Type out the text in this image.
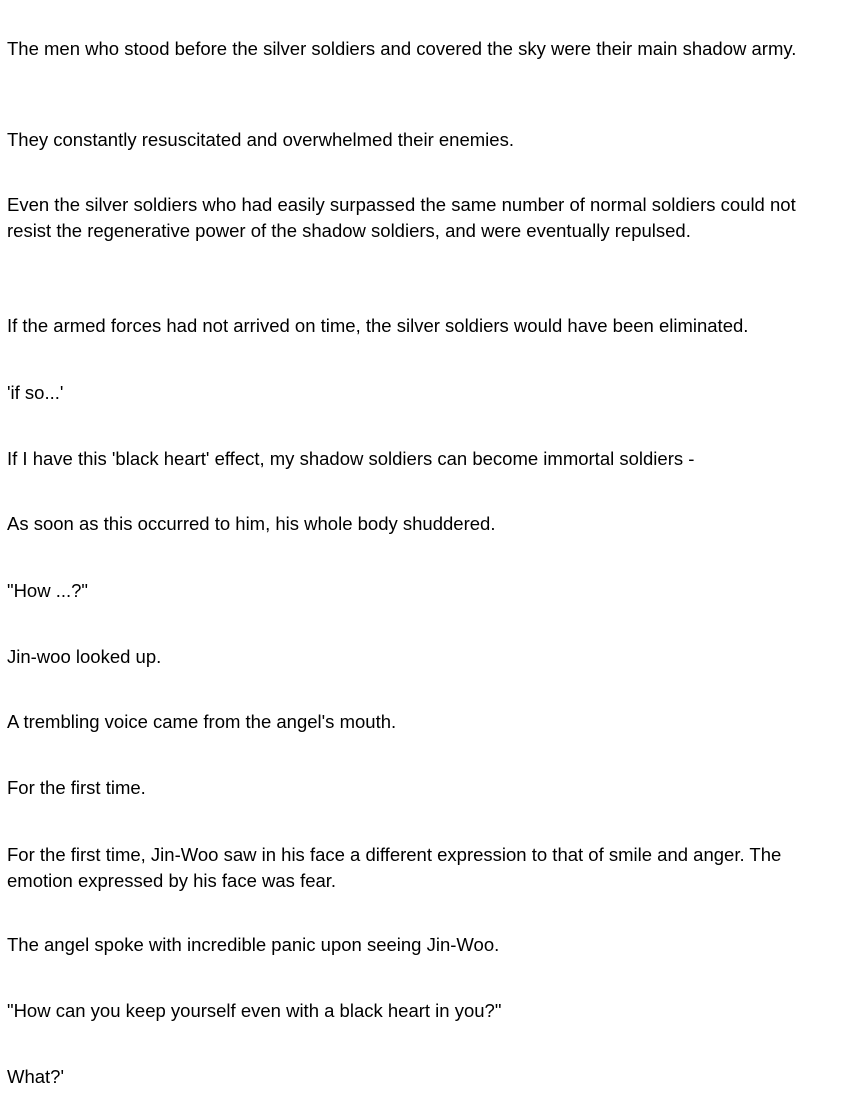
The men who stood before the silver soldiers and covered the sky were their main shadow army.

They constantly resuscitated and overwhelmed their enemies.

Even the silver soldiers who had easily surpassed the same number of normal soldiers could not resist the regenerative power of the shadow soldiers, and were eventually repulsed.

If the armed forces had not arrived on time, the silver soldiers would have been eliminated.

'if so...'

If I have this 'black heart' effect, my shadow soldiers can become immortal soldiers -

As soon as this occurred to him, his whole body shuddered.

"How ...?"

Jin-woo looked up.

A trembling voice came from the angel's mouth.

For the first time.

For the first time, Jin-Woo saw in his face a different expression to that of smile and anger. The emotion expressed by his face was fear.

The angel spoke with incredible panic upon seeing Jin-Woo.

"How can you keep yourself even with a black heart in you?"

What?'
